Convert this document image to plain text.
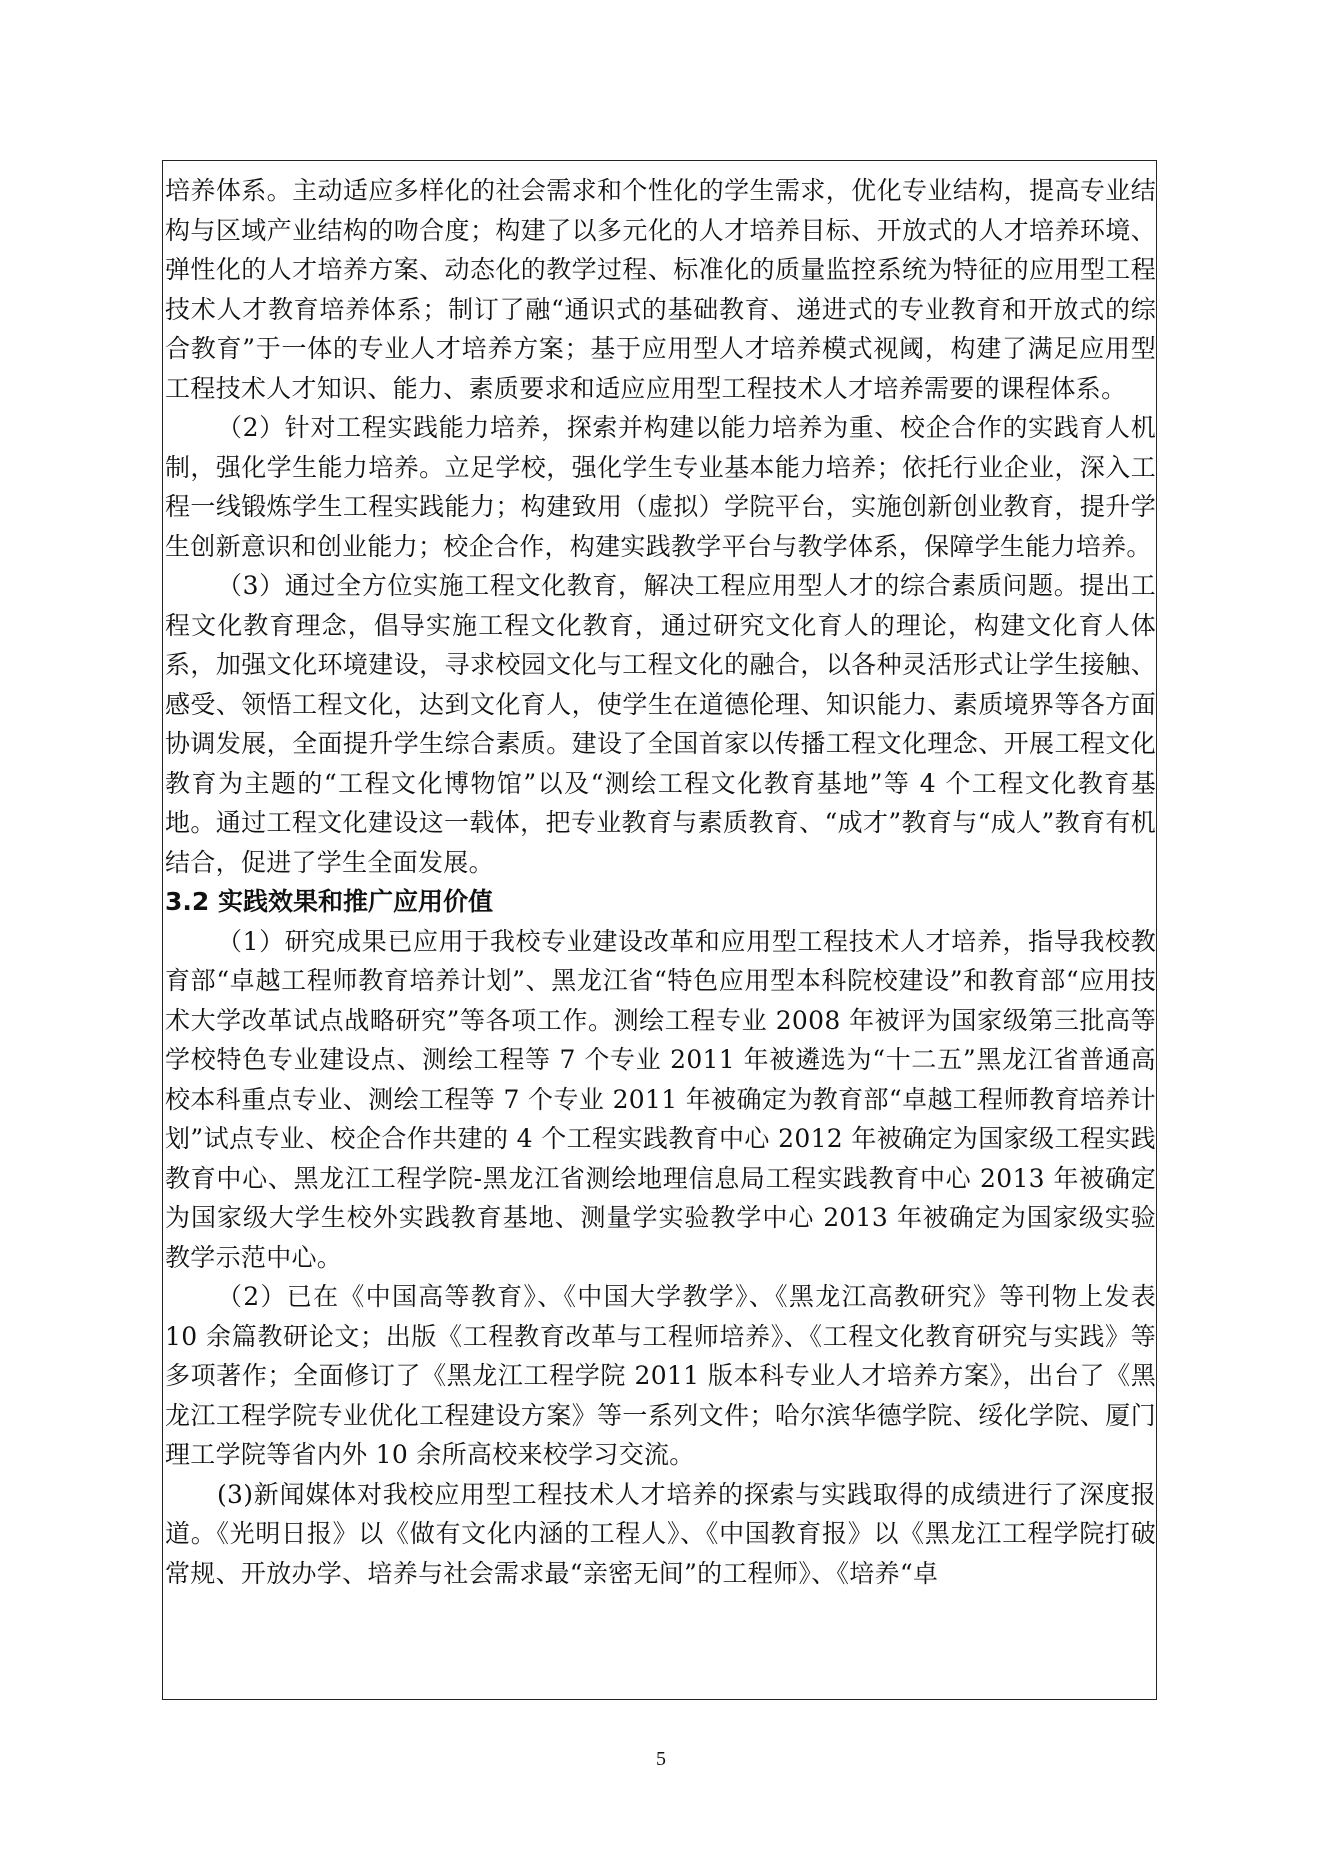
培养体系。主动适应多样化的社会需求和个性化的学生需求，优化专业结构，提高专业结构与区域产业结构的吻合度；构建了以多元化的人才培养目标、开放式的人才培养环境、弹性化的人才培养方案、动态化的教学过程、标准化的质量监控系统为特征的应用型工程技术人才教育培养体系；制订了融“通识式的基础教育、递进式的专业教育和开放式的综合教育”于一体的专业人才培养方案；基于应用型人才培养模式视阈，构建了满足应用型工程技术人才知识、能力、素质要求和适应应用型工程技术人才培养需要的课程体系。

（2）针对工程实践能力培养，探索并构建以能力培养为重、校企合作的实践育人机制，强化学生能力培养。立足学校，强化学生专业基本能力培养；依托行业企业，深入工程一线锻炼学生工程实践能力；构建致用（虚拟）学院平台，实施创新创业教育，提升学生创新意识和创业能力；校企合作，构建实践教学平台与教学体系，保障学生能力培养。

（3）通过全方位实施工程文化教育，解决工程应用型人才的综合素质问题。提出工程文化教育理念，倡导实施工程文化教育，通过研究文化育人的理论，构建文化育人体系，加强文化环境建设，寻求校园文化与工程文化的融合，以各种灵活形式让学生接触、感受、领悟工程文化，达到文化育人，使学生在道德伦理、知识能力、素质境界等各方面协调发展，全面提升学生综合素质。建设了全国首家以传播工程文化理念、开展工程文化教育为主题的“工程文化博物馆”以及“测绘工程文化教育基地”等 4 个工程文化教育基地。通过工程文化建设这一载体，把专业教育与素质教育、“成才”教育与“成人”教育有机结合，促进了学生全面发展。

3.2 实践效果和推广应用价值

（1）研究成果已应用于我校专业建设改革和应用型工程技术人才培养，指导我校教育部“卓越工程师教育培养计划”、黑龙江省“特色应用型本科院校建设”和教育部“应用技术大学改革试点战略研究”等各项工作。测绘工程专业 2008 年被评为国家级第三批高等学校特色专业建设点、测绘工程等 7 个专业 2011 年被遴选为“十二五”黑龙江省普通高校本科重点专业、测绘工程等 7 个专业 2011 年被确定为教育部“卓越工程师教育培养计划”试点专业、校企合作共建的 4 个工程实践教育中心 2012 年被确定为国家级工程实践教育中心、黑龙江工程学院-黑龙江省测绘地理信息局工程实践教育中心 2013 年被确定为国家级大学生校外实践教育基地、测量学实验教学中心 2013 年被确定为国家级实验教学示范中心。

（2）已在《中国高等教育》、《中国大学教学》、《黑龙江高教研究》等刊物上发表 10 余篇教研论文；出版《工程教育改革与工程师培养》、《工程文化教育研究与实践》等多项著作；全面修订了《黑龙江工程学院 2011 版本科专业人才培养方案》，出台了《黑龙江工程学院专业优化工程建设方案》等一系列文件；哈尔滨华德学院、绥化学院、厦门理工学院等省内外 10 余所高校来校学习交流。

(3)新闻媒体对我校应用型工程技术人才培养的探索与实践取得的成绩进行了深度报道。《光明日报》以《做有文化内涵的工程人》、《中国教育报》以《黑龙江工程学院打破常规、开放办学、培养与社会需求最“亲密无间”的工程师》、《培养“卓

5
